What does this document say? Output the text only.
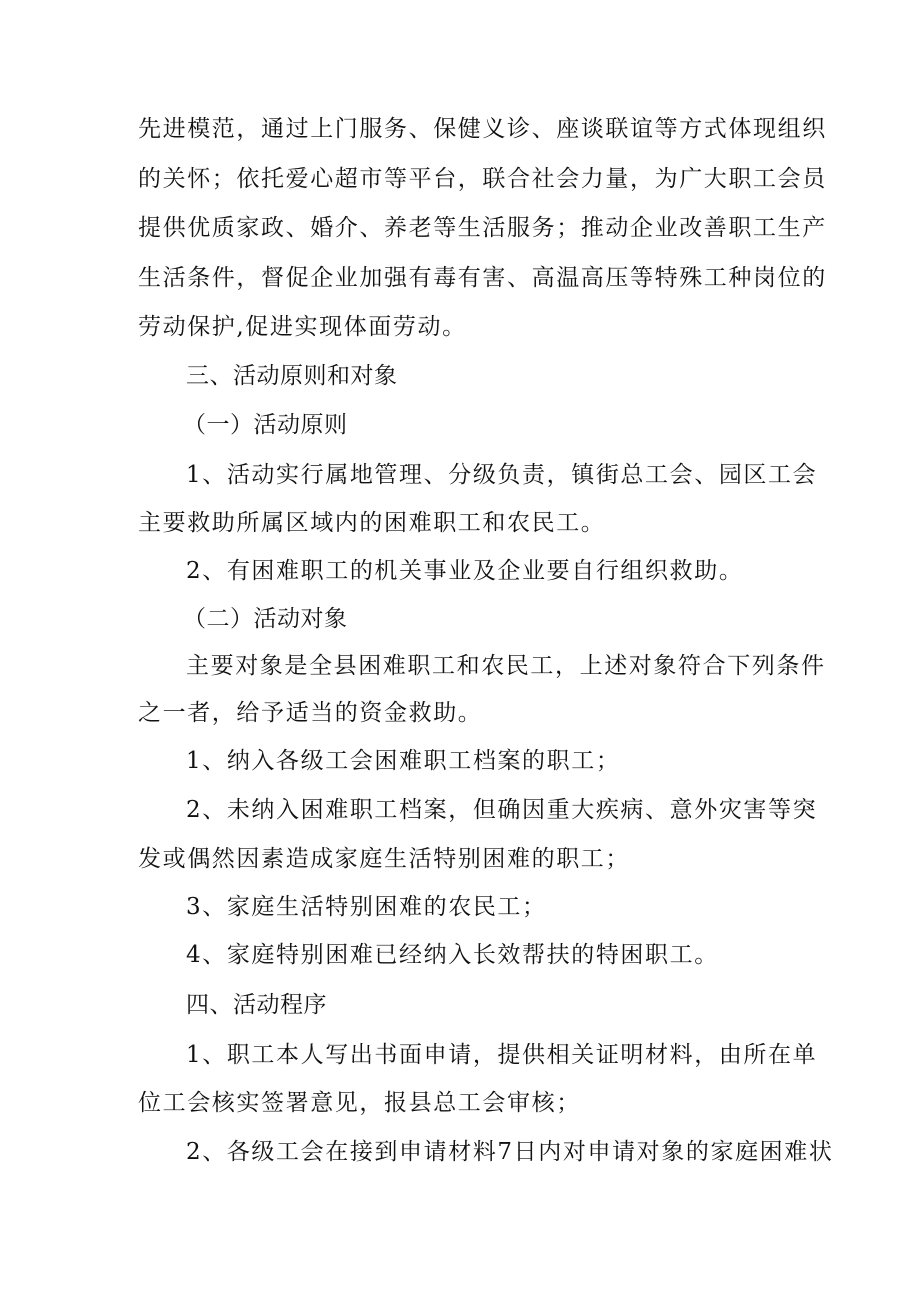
先进模范，通过上门服务、保健义诊、座谈联谊等方式体现组织
的关怀；依托爱心超市等平台，联合社会力量，为广大职工会员
提供优质家政、婚介、养老等生活服务；推动企业改善职工生产
生活条件，督促企业加强有毒有害、高温高压等特殊工种岗位的
劳动保护,促进实现体面劳动。
三、活动原则和对象
（一）活动原则
1、活动实行属地管理、分级负责，镇街总工会、园区工会
主要救助所属区域内的困难职工和农民工。
2、有困难职工的机关事业及企业要自行组织救助。
（二）活动对象
主要对象是全县困难职工和农民工，上述对象符合下列条件
之一者，给予适当的资金救助。
1、纳入各级工会困难职工档案的职工；
2、未纳入困难职工档案，但确因重大疾病、意外灾害等突
发或偶然因素造成家庭生活特别困难的职工；
3、家庭生活特别困难的农民工；
4、家庭特别困难已经纳入长效帮扶的特困职工。
四、活动程序
1、职工本人写出书面申请，提供相关证明材料，由所在单
位工会核实签署意见，报县总工会审核；
2、各级工会在接到申请材料7日内对申请对象的家庭困难状
